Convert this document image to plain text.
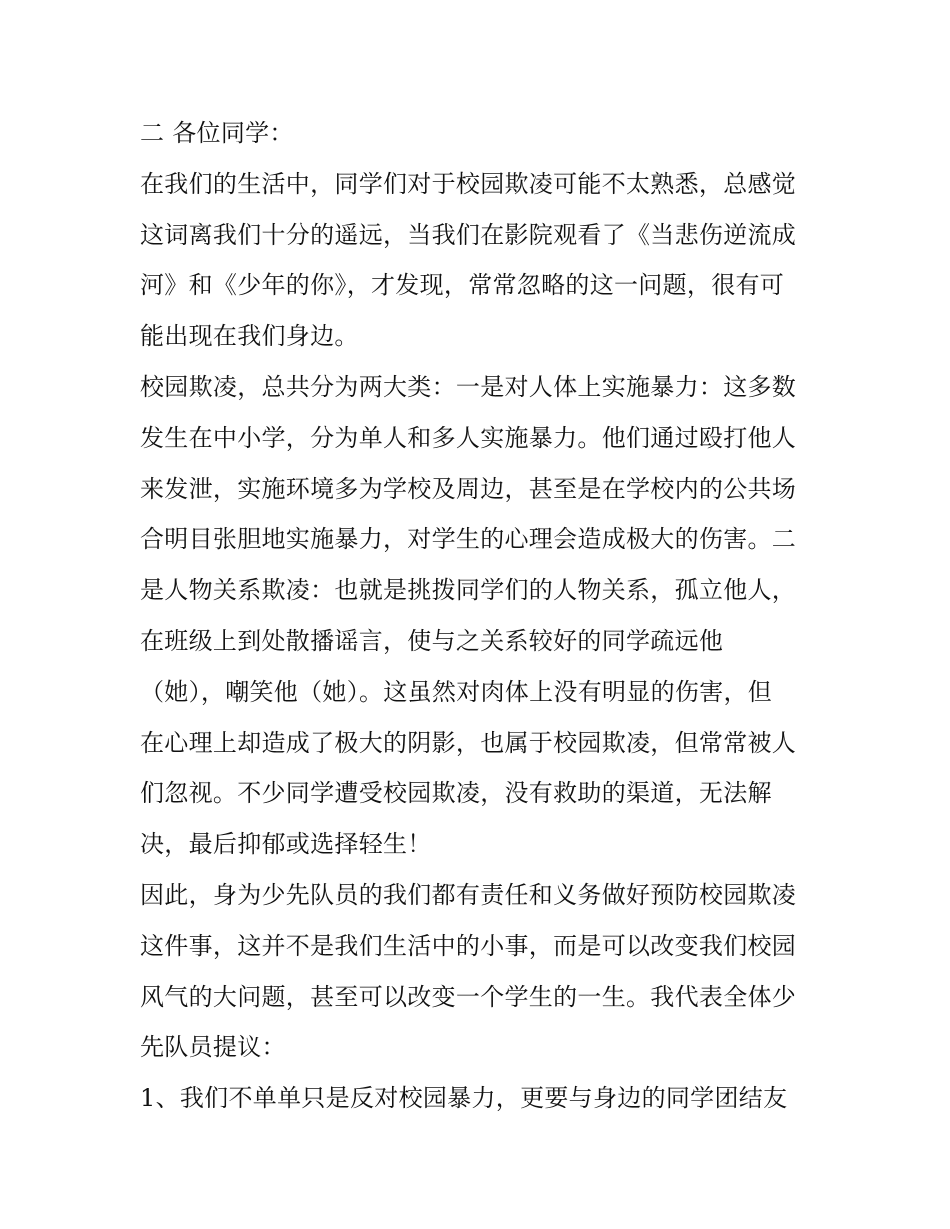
二 各位同学：
在我们的生活中，同学们对于校园欺凌可能不太熟悉，总感觉
这词离我们十分的遥远，当我们在影院观看了《当悲伤逆流成
河》和《少年的你》，才发现，常常忽略的这一问题，很有可
能出现在我们身边。
校园欺凌，总共分为两大类：一是对人体上实施暴力：这多数
发生在中小学，分为单人和多人实施暴力。他们通过殴打他人
来发泄，实施环境多为学校及周边，甚至是在学校内的公共场
合明目张胆地实施暴力，对学生的心理会造成极大的伤害。二
是人物关系欺凌：也就是挑拨同学们的人物关系，孤立他人，
在班级上到处散播谣言，使与之关系较好的同学疏远他
（她），嘲笑他（她）。这虽然对肉体上没有明显的伤害，但
在心理上却造成了极大的阴影，也属于校园欺凌，但常常被人
们忽视。不少同学遭受校园欺凌，没有救助的渠道，无法解
决，最后抑郁或选择轻生！
因此，身为少先队员的我们都有责任和义务做好预防校园欺凌
这件事，这并不是我们生活中的小事，而是可以改变我们校园
风气的大问题，甚至可以改变一个学生的一生。我代表全体少
先队员提议：
1、我们不单单只是反对校园暴力，更要与身边的同学团结友
